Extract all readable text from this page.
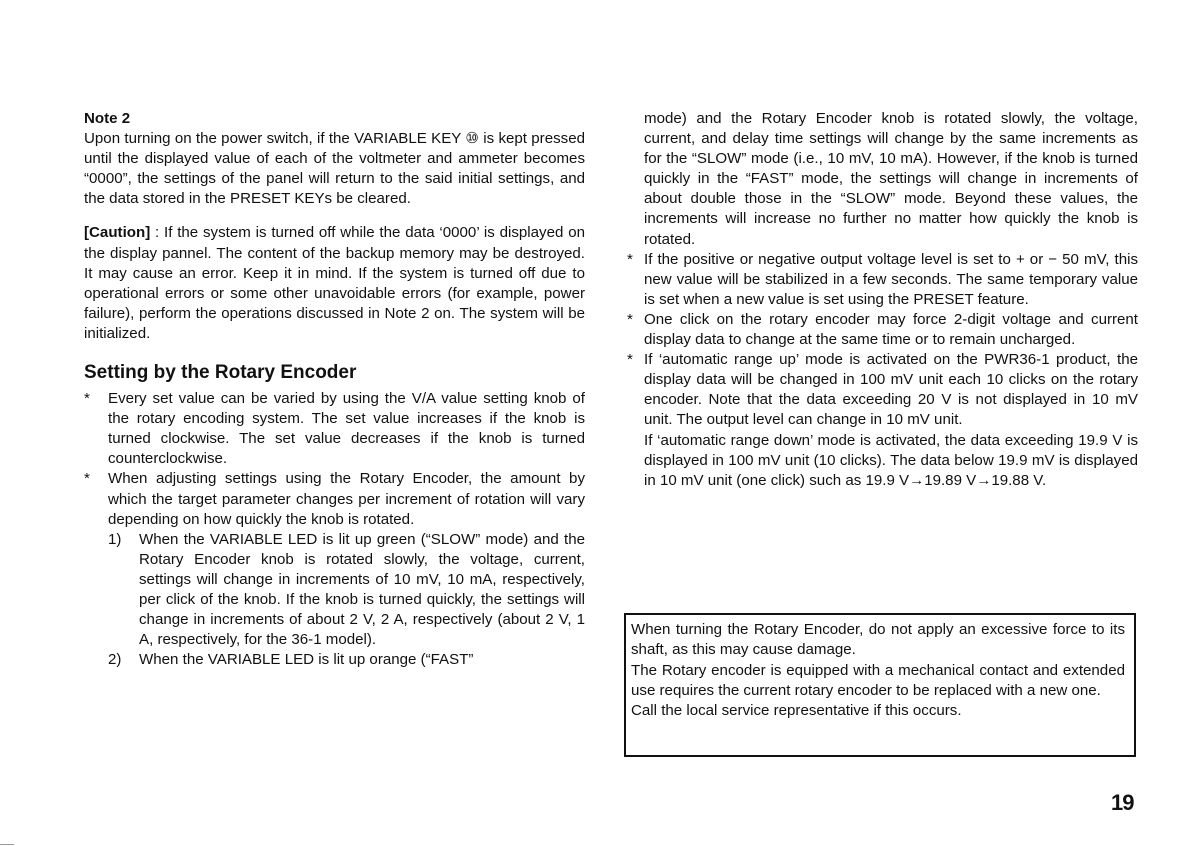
Note 2

Upon turning on the power switch, if the VARIABLE KEY ⑩ is kept pressed until the displayed value of each of the voltmeter and ammeter becomes “0000”, the settings of the panel will return to the said initial settings, and the data stored in the PRESET KEYs be cleared.

[Caution] : If the system is turned off while the data ‘0000’ is displayed on the display pannel. The content of the backup memory may be destroyed. It may cause an error. Keep it in mind. If the system is turned off due to operational errors or some other unavoidable errors (for example, power failure), perform the operations discussed in Note 2 on. The system will be initialized.

Setting by the Rotary Encoder
* Every set value can be varied by using the V/A value setting knob of the rotary encoding system. The set value increases if the knob is turned clockwise. The set value decreases if the knob is turned counterclockwise.
* When adjusting settings using the Rotary Encoder, the amount by which the target parameter changes per increment of rotation will vary depending on how quickly the knob is rotated.
1) When the VARIABLE LED is lit up green (“SLOW” mode) and the Rotary Encoder knob is rotated slowly, the voltage, current, settings will change in increments of 10 mV, 10 mA, respectively, per click of the knob. If the knob is turned quickly, the settings will change in increments of about 2 V, 2 A, respectively (about 2 V, 1 A, respectively, for the 36-1 model).
2) When the VARIABLE LED is lit up orange (“FAST”

mode) and the Rotary Encoder knob is rotated slowly, the voltage, current, and delay time settings will change by the same increments as for the “SLOW” mode (i.e., 10 mV, 10 mA). However, if the knob is turned quickly in the “FAST” mode, the settings will change in increments of about double those in the “SLOW” mode. Beyond these values, the increments will increase no further no matter how quickly the knob is rotated.

* If the positive or negative output voltage level is set to + or − 50 mV, this new value will be stabilized in a few seconds. The same temporary value is set when a new value is set using the PRESET feature.
* One click on the rotary encoder may force 2-digit voltage and current display data to change at the same time or to remain uncharged.
* If ‘automatic range up’ mode is activated on the PWR36-1 product, the display data will be changed in 100 mV unit each 10 clicks on the rotary encoder. Note that the data exceeding 20 V is not displayed in 10 mV unit. The output level can change in 10 mV unit.

If ‘automatic range down’ mode is activated, the data exceeding 19.9 V is displayed in 100 mV unit (10 clicks). The data below 19.9 mV is displayed in 10 mV unit (one click) such as 19.9 V→19.89 V→19.88 V.

When turning the Rotary Encoder, do not apply an excessive force to its shaft, as this may cause damage.

The Rotary encoder is equipped with a mechanical contact and extended use requires the current rotary encoder to be replaced with a new one.

Call the local service representative if this occurs.

19
